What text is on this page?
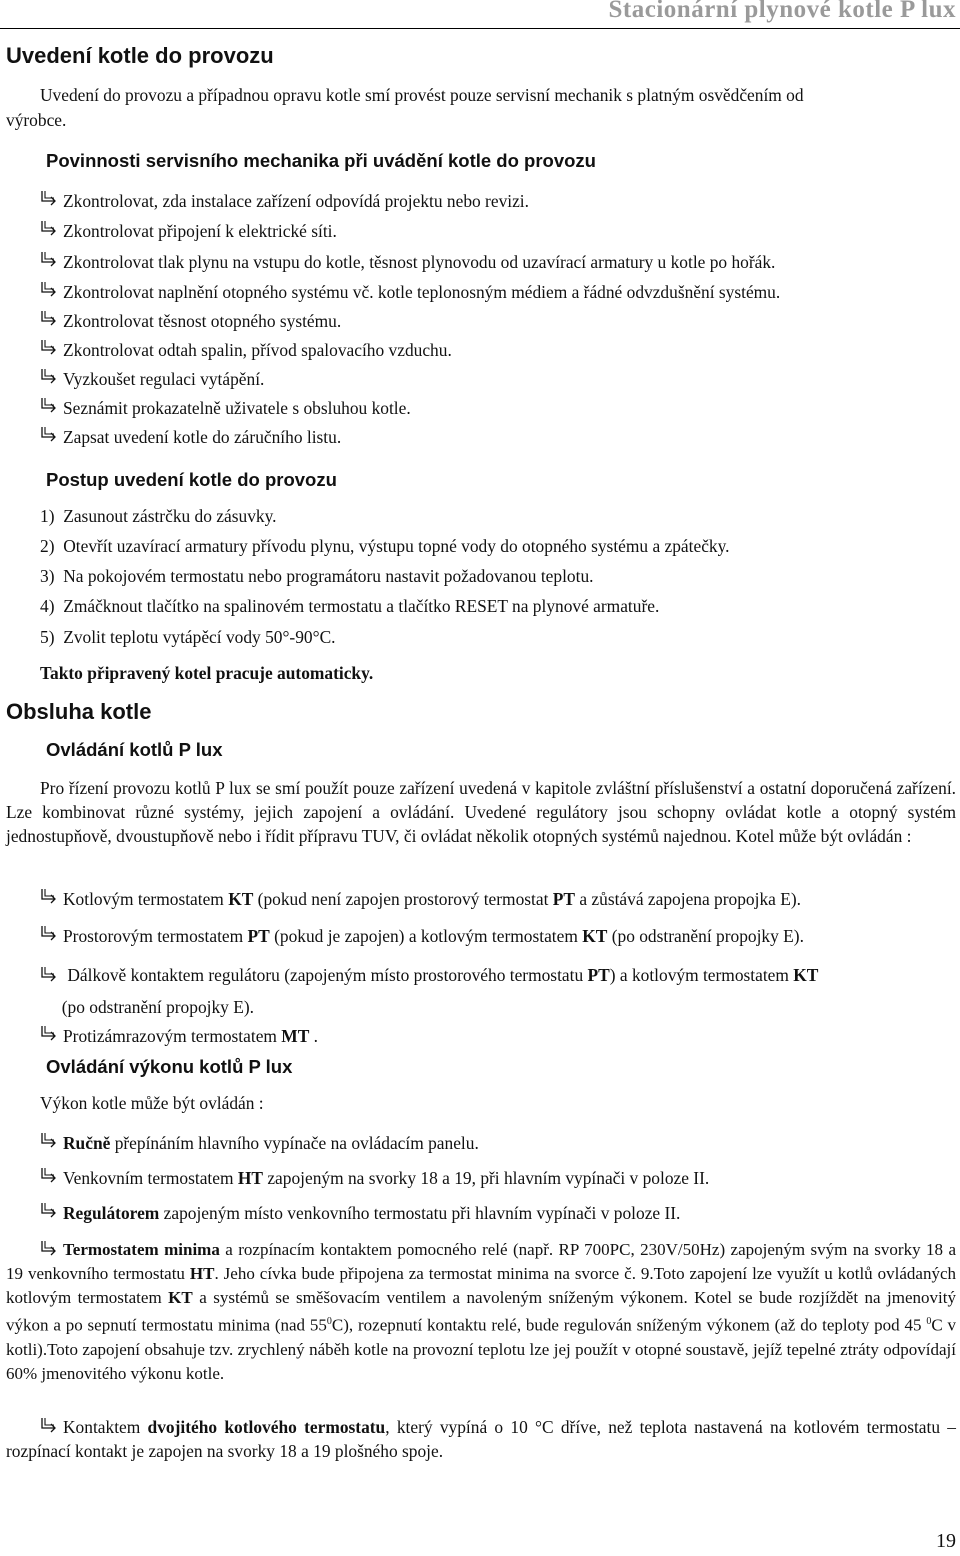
Stacionární plynové kotle P lux
Uvedení kotle do provozu
Uvedení do provozu a případnou opravu kotle smí provést pouze servisní mechanik s platným osvědčením od
výrobce.
Povinnosti servisního mechanika při uvádění kotle do provozu
Zkontrolovat, zda instalace zařízení odpovídá projektu nebo revizi.
Zkontrolovat připojení k elektrické síti.
Zkontrolovat tlak plynu na vstupu do kotle, těsnost plynovodu od uzavírací armatury u kotle po hořák.
Zkontrolovat naplnění otopného systému vč. kotle teplonosným médiem a řádné odvzdušnění systému.
Zkontrolovat těsnost otopného systému.
Zkontrolovat odtah spalin, přívod spalovacího vzduchu.
Vyzkoušet regulaci vytápění.
Seznámit prokazatelně uživatele s obsluhou kotle.
Zapsat uvedení kotle do záručního listu.
Postup uvedení kotle do provozu
1) Zasunout zástrčku do zásuvky.
2) Otevřít uzavírací armatury přívodu plynu, výstupu topné vody do otopného systému a zpátečky.
3) Na pokojovém termostatu nebo programátoru nastavit požadovanou teplotu.
4) Zmáčknout tlačítko na spalinovém termostatu a tlačítko RESET na plynové armatuře.
5) Zvolit teplotu vytápěcí vody 50°-90°C.
Takto připravený kotel pracuje automaticky.
Obsluha kotle
Ovládání kotlů P lux
Pro řízení provozu kotlů P lux se smí použít pouze zařízení uvedená v kapitole zvláštní příslušenství a ostatní doporučená zařízení. Lze kombinovat různé systémy, jejich zapojení a ovládání. Uvedené regulátory jsou schopny ovládat kotle a otopný systém jednostupňově, dvoustupňově nebo i řídit přípravu TUV, či ovládat několik otopných systémů najednou. Kotel může být ovládán :
Kotlovým termostatem KT (pokud není zapojen prostorový termostat PT a zůstává zapojena propojka E).
Prostorovým termostatem PT (pokud je zapojen) a kotlovým termostatem KT (po odstranění propojky E).
Dálkově kontaktem regulátoru (zapojeným místo prostorového termostatu PT) a kotlovým termostatem KT
(po odstranění propojky E).
Protizámrazovým termostatem MT .
Ovládání výkonu kotlů P lux
Výkon kotle může být ovládán :
Ručně přepínáním hlavního vypínače na ovládacím panelu.
Venkovním termostatem HT zapojeným na svorky 18 a 19, při hlavním vypínači v poloze II.
Regulátorem zapojeným místo venkovního termostatu při hlavním vypínači v poloze II.
Termostatem minima a rozpínacím kontaktem pomocného relé (např. RP 700PC, 230V/50Hz) zapojeným svým na svorky 18 a 19 venkovního termostatu HT. Jeho cívka bude připojena za termostat minima na svorce č. 9.Toto zapojení lze využít u kotlů ovládaných kotlovým termostatem KT a systémů se směšovacím ventilem a navoleným sníženým výkonem. Kotel se bude rozjíždět na jmenovitý výkon a po sepnutí termostatu minima (nad $55^0C$), rozepnutí kontaktu relé, bude regulován sníženým výkonem (až do teploty pod 45 $^0$C v kotli).Toto zapojení obsahuje tzv. zrychlený náběh kotle na provozní teplotu lze jej použít v otopné soustavě, jejíž tepelné ztráty odpovídají 60% jmenovitého výkonu kotle.
Kontaktem dvojitého kotlového termostatu, který vypíná o 10 °C dříve, než teplota nastavená na kotlovém termostatu – rozpínací kontakt je zapojen na svorky 18 a 19 plošného spoje.
19
